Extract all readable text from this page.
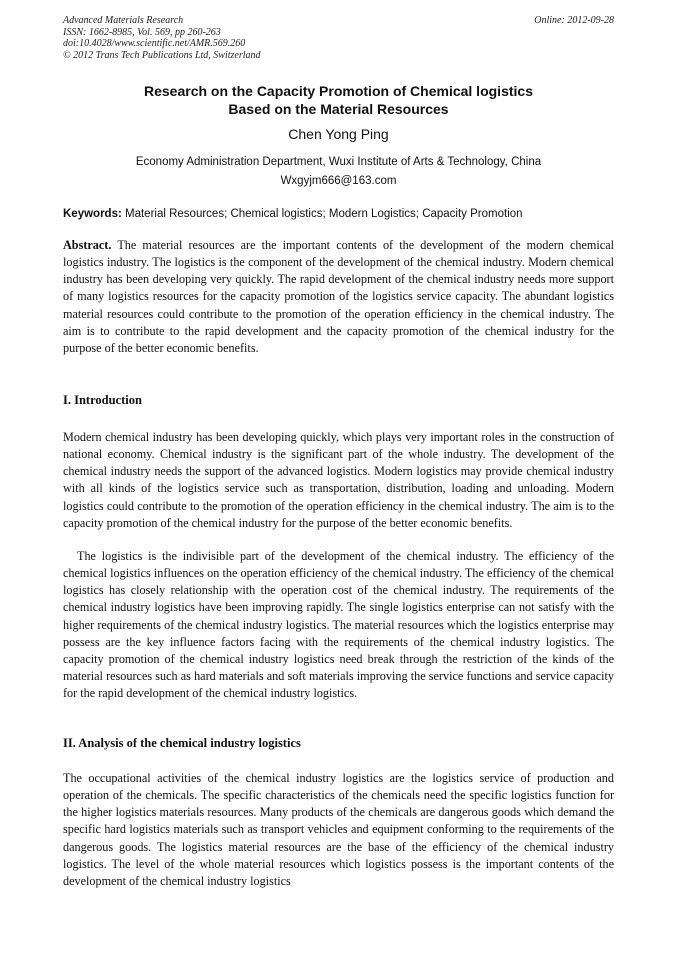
Advanced Materials Research
ISSN: 1662-8985, Vol. 569, pp 260-263
doi:10.4028/www.scientific.net/AMR.569.260
© 2012 Trans Tech Publications Ltd, Switzerland
Online: 2012-09-28
Research on the Capacity Promotion of Chemical logistics
Based on the Material Resources
Chen Yong Ping
Economy Administration Department, Wuxi Institute of Arts & Technology, China
Wxgyjm666@163.com
Keywords: Material Resources; Chemical logistics; Modern Logistics; Capacity Promotion
Abstract. The material resources are the important contents of the development of the modern chemical logistics industry. The logistics is the component of the development of the chemical industry. Modern chemical industry has been developing very quickly. The rapid development of the chemical industry needs more support of many logistics resources for the capacity promotion of the logistics service capacity. The abundant logistics material resources could contribute to the promotion of the operation efficiency in the chemical industry. The aim is to contribute to the rapid development and the capacity promotion of the chemical industry for the purpose of the better economic benefits.
I. Introduction
Modern chemical industry has been developing quickly, which plays very important roles in the construction of national economy. Chemical industry is the significant part of the whole industry. The development of the chemical industry needs the support of the advanced logistics. Modern logistics may provide chemical industry with all kinds of the logistics service such as transportation, distribution, loading and unloading. Modern logistics could contribute to the promotion of the operation efficiency in the chemical industry. The aim is to the capacity promotion of the chemical industry for the purpose of the better economic benefits.
The logistics is the indivisible part of the development of the chemical industry. The efficiency of the chemical logistics influences on the operation efficiency of the chemical industry. The efficiency of the chemical logistics has closely relationship with the operation cost of the chemical industry. The requirements of the chemical industry logistics have been improving rapidly. The single logistics enterprise can not satisfy with the higher requirements of the chemical industry logistics. The material resources which the logistics enterprise may possess are the key influence factors facing with the requirements of the chemical industry logistics. The capacity promotion of the chemical industry logistics need break through the restriction of the kinds of the material resources such as hard materials and soft materials improving the service functions and service capacity for the rapid development of the chemical industry logistics.
II. Analysis of the chemical industry logistics
The occupational activities of the chemical industry logistics are the logistics service of production and operation of the chemicals. The specific characteristics of the chemicals need the specific logistics function for the higher logistics materials resources. Many products of the chemicals are dangerous goods which demand the specific hard logistics materials such as transport vehicles and equipment conforming to the requirements of the dangerous goods. The logistics material resources are the base of the efficiency of the chemical industry logistics. The level of the whole material resources which logistics possess is the important contents of the development of the chemical industry logistics
